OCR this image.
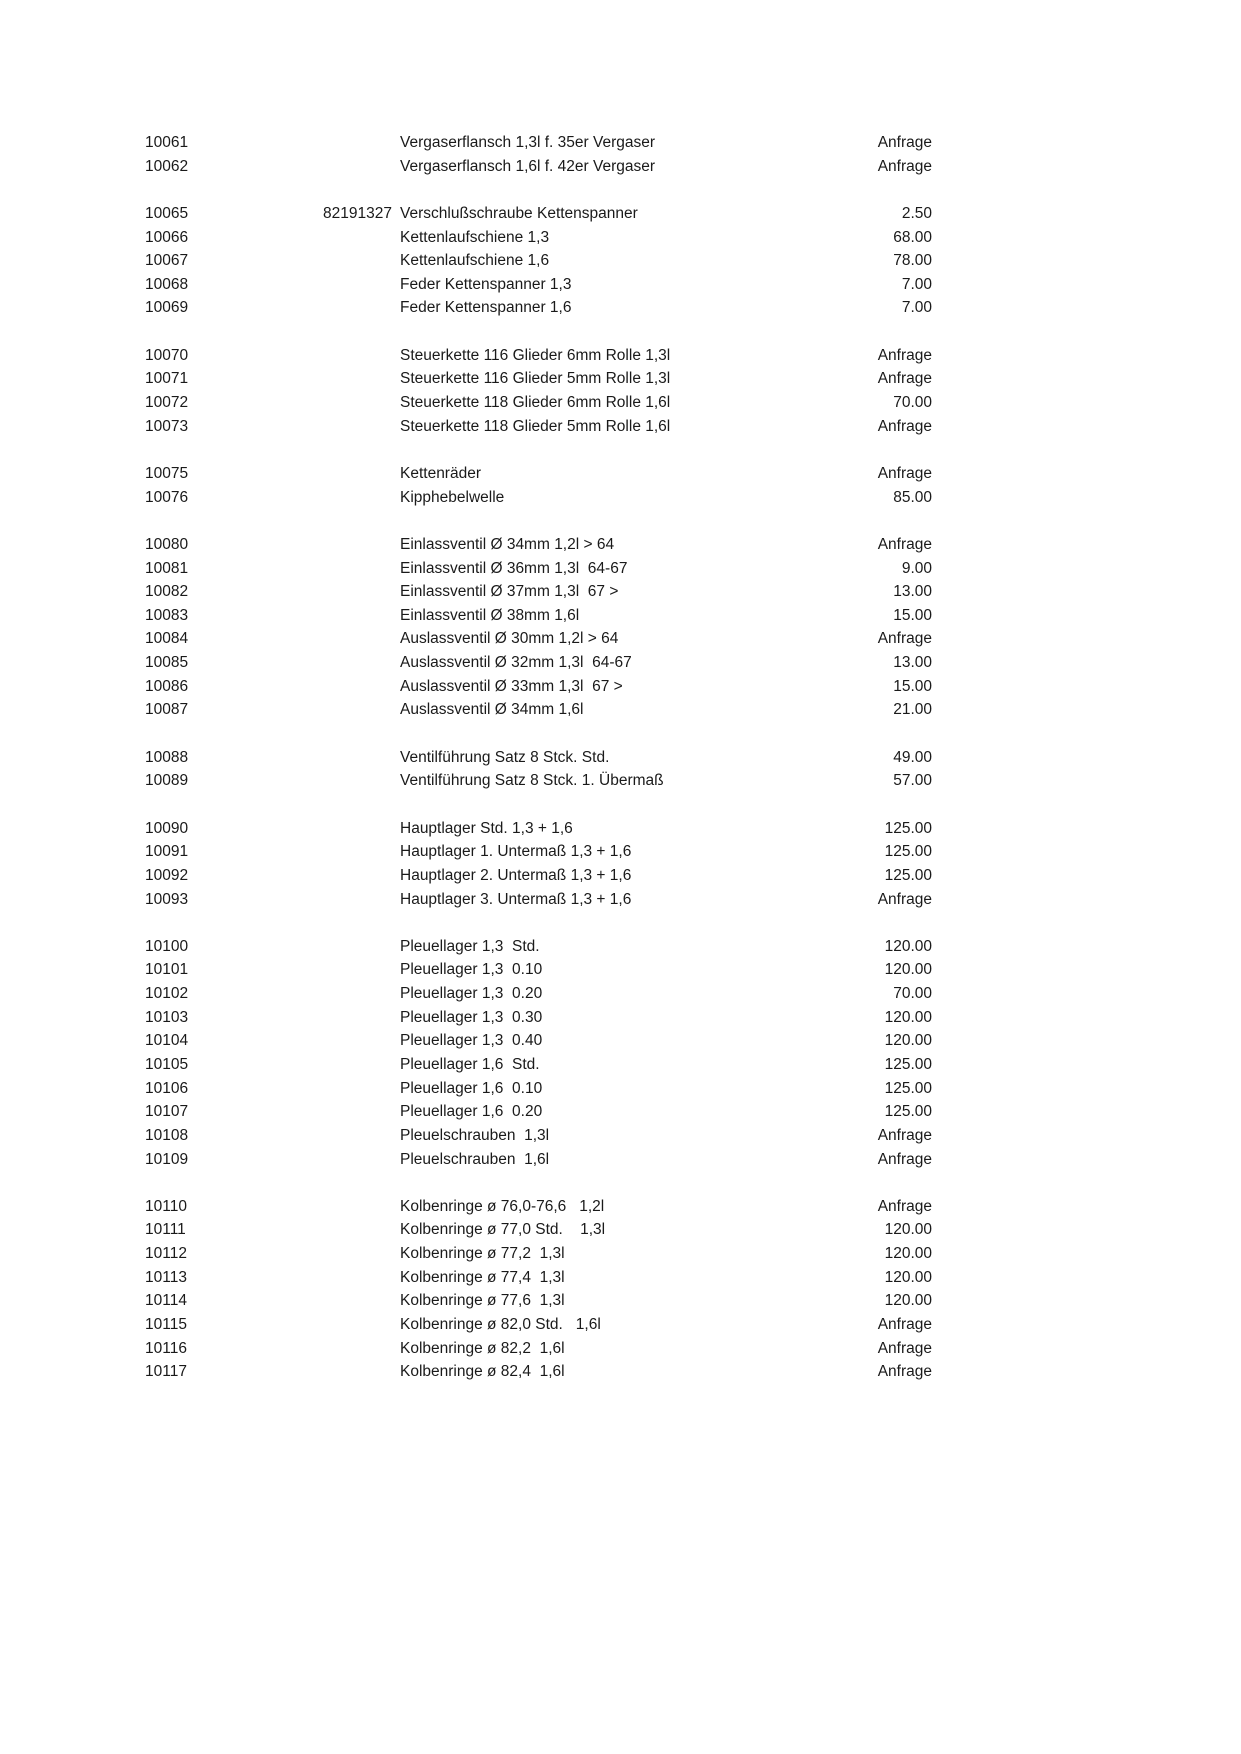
10061	Vergaserflansch 1,3l f. 35er Vergaser	Anfrage
10062	Vergaserflansch 1,6l f. 42er Vergaser	Anfrage
10065	82191327 Verschlußschraube Kettenspanner	2.50
10066	Kettenlaufschiene 1,3	68.00
10067	Kettenlaufschiene 1,6	78.00
10068	Feder Kettenspanner 1,3	7.00
10069	Feder Kettenspanner 1,6	7.00
10070	Steuerkette 116 Glieder 6mm Rolle 1,3l	Anfrage
10071	Steuerkette 116 Glieder 5mm Rolle 1,3l	Anfrage
10072	Steuerkette 118 Glieder 6mm Rolle 1,6l	70.00
10073	Steuerkette 118 Glieder 5mm Rolle 1,6l	Anfrage
10075	Kettenräder	Anfrage
10076	Kipphebelwelle	85.00
10080	Einlassventil Ø 34mm 1,2l > 64	Anfrage
10081	Einlassventil Ø 36mm 1,3l  64-67	9.00
10082	Einlassventil Ø 37mm 1,3l  67 >	13.00
10083	Einlassventil Ø 38mm 1,6l	15.00
10084	Auslassventil Ø 30mm 1,2l > 64	Anfrage
10085	Auslassventil Ø 32mm 1,3l  64-67	13.00
10086	Auslassventil Ø 33mm 1,3l  67 >	15.00
10087	Auslassventil Ø 34mm 1,6l	21.00
10088	Ventilführung Satz 8 Stck. Std.	49.00
10089	Ventilführung Satz 8 Stck. 1. Übermaß	57.00
10090	Hauptlager Std. 1,3 + 1,6	125.00
10091	Hauptlager 1. Untermaß 1,3 + 1,6	125.00
10092	Hauptlager 2. Untermaß 1,3 + 1,6	125.00
10093	Hauptlager 3. Untermaß 1,3 + 1,6	Anfrage
10100	Pleuellager 1,3  Std.	120.00
10101	Pleuellager 1,3  0.10	120.00
10102	Pleuellager 1,3  0.20	70.00
10103	Pleuellager 1,3  0.30	120.00
10104	Pleuellager 1,3  0.40	120.00
10105	Pleuellager 1,6  Std.	125.00
10106	Pleuellager 1,6  0.10	125.00
10107	Pleuellager 1,6  0.20	125.00
10108	Pleuelschrauben  1,3l	Anfrage
10109	Pleuelschrauben  1,6l	Anfrage
10110	Kolbenringe ø 76,0-76,6   1,2l	Anfrage
10111	Kolbenringe ø 77,0 Std.    1,3l	120.00
10112	Kolbenringe ø 77,2  1,3l	120.00
10113	Kolbenringe ø 77,4  1,3l	120.00
10114	Kolbenringe ø 77,6  1,3l	120.00
10115	Kolbenringe ø 82,0 Std.   1,6l	Anfrage
10116	Kolbenringe ø 82,2  1,6l	Anfrage
10117	Kolbenringe ø 82,4  1,6l	Anfrage
